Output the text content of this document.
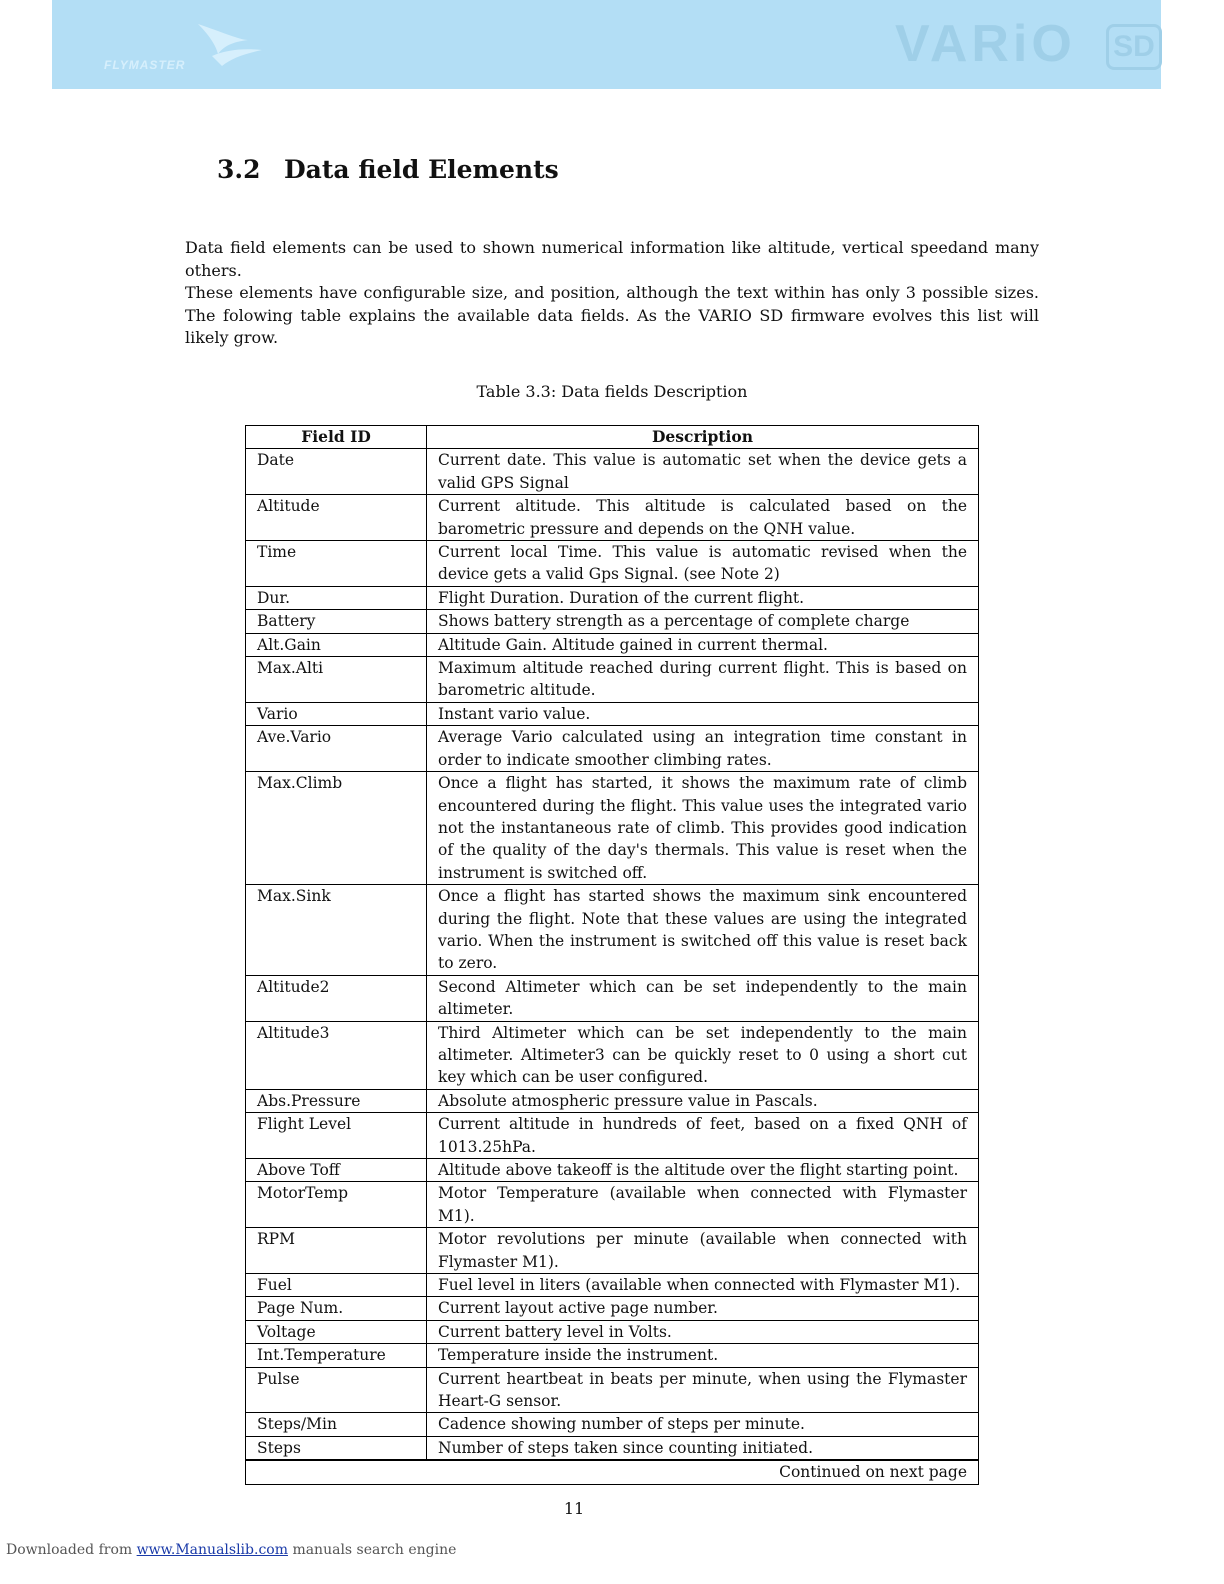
FLYMASTER	VARiO SD
3.2 Data field Elements

Data field elements can be used to shown numerical information like altitude, vertical speedand many others.

These elements have configurable size, and position, although the text within has only 3 possible sizes. The folowing table explains the available data fields. As the VARIO SD firmware evolves this list will likely grow.

Table 3.3: Data fields Description
Field ID	Description
Date	Current date. This value is automatic set when the device gets a valid GPS Signal
Altitude	Current altitude. This altitude is calculated based on the barometric pressure and depends on the QNH value.
Time	Current local Time. This value is automatic revised when the device gets a valid Gps Signal. (see Note 2)
Dur.	Flight Duration. Duration of the current flight.
Battery	Shows battery strength as a percentage of complete charge
Alt.Gain	Altitude Gain. Altitude gained in current thermal.
Max.Alti	Maximum altitude reached during current flight. This is based on barometric altitude.
Vario	Instant vario value.
Ave.Vario	Average Vario calculated using an integration time constant in order to indicate smoother climbing rates.
Max.Climb	Once a flight has started, it shows the maximum rate of climb encountered during the flight. This value uses the integrated vario not the instantaneous rate of climb. This provides good indication of the quality of the day's thermals. This value is reset when the instrument is switched off.
Max.Sink	Once a flight has started shows the maximum sink encountered during the flight. Note that these values are using the integrated vario. When the instrument is switched off this value is reset back to zero.
Altitude2	Second Altimeter which can be set independently to the main altimeter.
Altitude3	Third Altimeter which can be set independently to the main altimeter. Altimeter3 can be quickly reset to 0 using a short cut key which can be user configured.
Abs.Pressure	Absolute atmospheric pressure value in Pascals.
Flight Level	Current altitude in hundreds of feet, based on a fixed QNH of 1013.25hPa.
Above Toff	Altitude above takeoff is the altitude over the flight starting point.
MotorTemp	Motor Temperature (available when connected with Flymaster M1).
RPM	Motor revolutions per minute (available when connected with Flymaster M1).
Fuel	Fuel level in liters (available when connected with Flymaster M1).
Page Num.	Current layout active page number.
Voltage	Current battery level in Volts.
Int.Temperature	Temperature inside the instrument.
Pulse	Current heartbeat in beats per minute, when using the Flymaster Heart-G sensor.
Steps/Min	Cadence showing number of steps per minute.
Steps	Number of steps taken since counting initiated.
Continued on next page	
11
Downloaded from www.Manualslib.com manuals search engine
